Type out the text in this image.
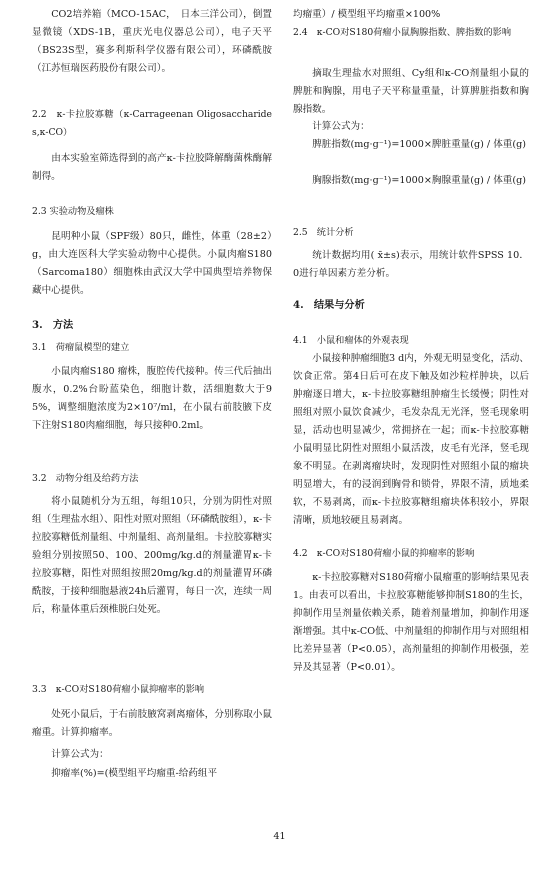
CO2培养箱（MCO-15AC，　日本三洋公司），倒置显微镜（XDS-1B，重庆光电仪器总公司），电子天平（BS23S型，赛多利斯科学仪器有限公司），环磷酰胺（江苏恒瑞医药股份有限公司）。

2.2　κ-卡拉胶寡糖（κ-Carrageenan Oligosaccharides,κ-CO）

由本实验室筛选得到的高产κ-卡拉胶降解酶菌株酶解制得。

2.3 实验动物及瘤株

昆明种小鼠（SPF级）80只，雌性，体重（28±2）g，由大连医科大学实验动物中心提供。小鼠肉瘤S180（Sarcoma180）细胞株由武汉大学中国典型培养物保藏中心提供。

3.　方法

3.1　荷瘤鼠模型的建立

小鼠肉瘤S180 瘤株，腹腔传代接种。传三代后抽出腹水，0.2%台盼蓝染色，细胞计数，活细胞数大于95%，调整细胞浓度为2×10⁷/ml，在小鼠右前肢腋下皮下注射S180肉瘤细胞，每只接种0.2ml。

3.2　动物分组及给药方法

将小鼠随机分为五组，每组10只，分别为阴性对照组（生理盐水组）、阳性对照对照组（环磷酰胺组），κ-卡拉胶寡糖低剂量组、中剂量组、高剂量组。卡拉胶寡糖实验组分别按照50、100、200mg/kg.d的剂量灌胃κ-卡拉胶寡糖，阳性对照组按照20mg/kg.d的剂量灌胃环磷酰胺，于接种细胞悬液24h后灌胃，每日一次，连续一周后，称量体重后颈椎脱臼处死。

3.3　κ-CO对S180荷瘤小鼠抑瘤率的影响

处死小鼠后，于右前肢腋窝剥离瘤体，分别称取小鼠瘤重。计算抑瘤率。

计算公式为：

抑瘤率(%)=(模型组平均瘤重-给药组平

均瘤重）/ 模型组平均瘤重×100%

2.4　κ-CO对S180荷瘤小鼠胸腺指数、脾指数的影响

摘取生理盐水对照组、Cy组和κ-CO剂量组小鼠的脾脏和胸腺，用电子天平称量重量，计算脾脏指数和胸腺指数。

计算公式为：

脾脏指数(mg·g⁻¹)=1000×脾脏重量(g) / 体重(g)

胸腺指数(mg·g⁻¹)=1000×胸腺重量(g) / 体重(g)

2.5　统计分析

统计数据均用( x̄±s)表示，用统计软件SPSS 10．0进行单因素方差分析。

4.　结果与分析

4.1　小鼠和瘤体的外观表现

小鼠接种肿瘤细胞3 d内，外观无明显变化，活动、饮食正常。第4日后可在皮下触及如沙粒样肿块，以后肿瘤逐日增大，κ-卡拉胶寡糖组肿瘤生长缓慢；阴性对照组对照小鼠饮食减少，毛发杂乱无光泽，竖毛现象明显，活动也明显减少，常拥挤在一起；而κ-卡拉胶寡糖小鼠明显比阴性对照组小鼠活泼，皮毛有光泽，竖毛现象不明显。在剥离瘤块时，发现阴性对照组小鼠的瘤块明显增大，有的浸润到胸骨和锁骨，界限不清，质地柔软，不易剥离，而κ-卡拉胶寡糖组瘤块体积较小，界限清晰，质地较硬且易剥离。

4.2　κ-CO对S180荷瘤小鼠的抑瘤率的影响

κ-卡拉胶寡糖对S180荷瘤小鼠瘤重的影响结果见表1。由表可以看出，卡拉胶寡糖能够抑制S180的生长，抑制作用呈剂量依赖关系，随着剂量增加，抑制作用逐渐增强。其中κ-CO低、中剂量组的抑制作用与对照组相比差异显著（P<0.05），高剂量组的抑制作用极强，差异及其显著（P<0.01）。

41
